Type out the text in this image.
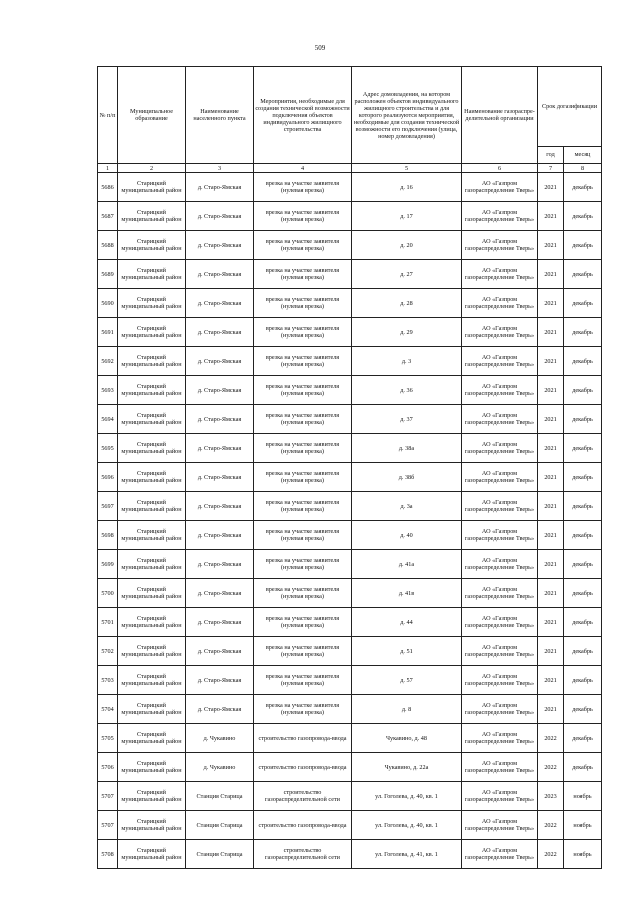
509
№ п/п	Муниципальное образование	Наименование населенного пункта	Мероприятия, необходимые для создания технической возможности подключения объектов индивидуального жилищного строительства	Адрес домовладения, на котором расположен объектов индивидуального жилищного строительства и для которого реализуются мероприятия, необходимые для создания технической возможности его подключения (улица, номер домовладения)	Наименование газораспре-делительной организации	Срок догазификации	
						год	месяц
1	2	3	4	5	6	7	8
5686	Старицкий муниципальный район	д. Старо-Ямская	врезка на участке заявителя (нулевая врезка)	д. 16	АО «Газпром газораспределение Тверь»	2021	декабрь
5687	Старицкий муниципальный район	д. Старо-Ямская	врезка на участке заявителя (нулевая врезка)	д. 17	АО «Газпром газораспределение Тверь»	2021	декабрь
5688	Старицкий муниципальный район	д. Старо-Ямская	врезка на участке заявителя (нулевая врезка)	д. 20	АО «Газпром газораспределение Тверь»	2021	декабрь
5689	Старицкий муниципальный район	д. Старо-Ямская	врезка на участке заявителя (нулевая врезка)	д. 27	АО «Газпром газораспределение Тверь»	2021	декабрь
5690	Старицкий муниципальный район	д. Старо-Ямская	врезка на участке заявителя (нулевая врезка)	д. 28	АО «Газпром газораспределение Тверь»	2021	декабрь
5691	Старицкий муниципальный район	д. Старо-Ямская	врезка на участке заявителя (нулевая врезка)	д. 29	АО «Газпром газораспределение Тверь»	2021	декабрь
5692	Старицкий муниципальный район	д. Старо-Ямская	врезка на участке заявителя (нулевая врезка)	д. 3	АО «Газпром газораспределение Тверь»	2021	декабрь
5693	Старицкий муниципальный район	д. Старо-Ямская	врезка на участке заявителя (нулевая врезка)	д. 36	АО «Газпром газораспределение Тверь»	2021	декабрь
5694	Старицкий муниципальный район	д. Старо-Ямская	врезка на участке заявителя (нулевая врезка)	д. 37	АО «Газпром газораспределение Тверь»	2021	декабрь
5695	Старицкий муниципальный район	д. Старо-Ямская	врезка на участке заявителя (нулевая врезка)	д. 38а	АО «Газпром газораспределение Тверь»	2021	декабрь
5696	Старицкий муниципальный район	д. Старо-Ямская	врезка на участке заявителя (нулевая врезка)	д. 38б	АО «Газпром газораспределение Тверь»	2021	декабрь
5697	Старицкий муниципальный район	д. Старо-Ямская	врезка на участке заявителя (нулевая врезка)	д. 3а	АО «Газпром газораспределение Тверь»	2021	декабрь
5698	Старицкий муниципальный район	д. Старо-Ямская	врезка на участке заявителя (нулевая врезка)	д. 40	АО «Газпром газораспределение Тверь»	2021	декабрь
5699	Старицкий муниципальный район	д. Старо-Ямская	врезка на участке заявителя (нулевая врезка)	д. 41а	АО «Газпром газораспределение Тверь»	2021	декабрь
5700	Старицкий муниципальный район	д. Старо-Ямская	врезка на участке заявителя (нулевая врезка)	д. 41в	АО «Газпром газораспределение Тверь»	2021	декабрь
5701	Старицкий муниципальный район	д. Старо-Ямская	врезка на участке заявителя (нулевая врезка)	д. 44	АО «Газпром газораспределение Тверь»	2021	декабрь
5702	Старицкий муниципальный район	д. Старо-Ямская	врезка на участке заявителя (нулевая врезка)	д. 51	АО «Газпром газораспределение Тверь»	2021	декабрь
5703	Старицкий муниципальный район	д. Старо-Ямская	врезка на участке заявителя (нулевая врезка)	д. 57	АО «Газпром газораспределение Тверь»	2021	декабрь
5704	Старицкий муниципальный район	д. Старо-Ямская	врезка на участке заявителя (нулевая врезка)	д. 8	АО «Газпром газораспределение Тверь»	2021	декабрь
5705	Старицкий муниципальный район	д. Чукавино	строительство газопровода-ввода	Чукавино, д. 48	АО «Газпром газораспределение Тверь»	2022	декабрь
5706	Старицкий муниципальный район	д. Чукавино	строительство газопровода-ввода	Чукавино, д. 22а	АО «Газпром газораспределение Тверь»	2022	декабрь
5707	Старицкий муниципальный район	Станция Старица	строительство газораспределительной сети	ул. Гоголева, д. 40, кв. 1	АО «Газпром газораспределение Тверь»	2023	ноябрь
5707	Старицкий муниципальный район	Станция Старица	строительство газопровода-ввода	ул. Гоголева, д. 40, кв. 1	АО «Газпром газораспределение Тверь»	2022	ноябрь
5708	Старицкий муниципальный район	Станция Старица	строительство газораспределительной сети	ул. Гоголева, д. 41, кв. 1	АО «Газпром газораспределение Тверь»	2022	ноябрь
